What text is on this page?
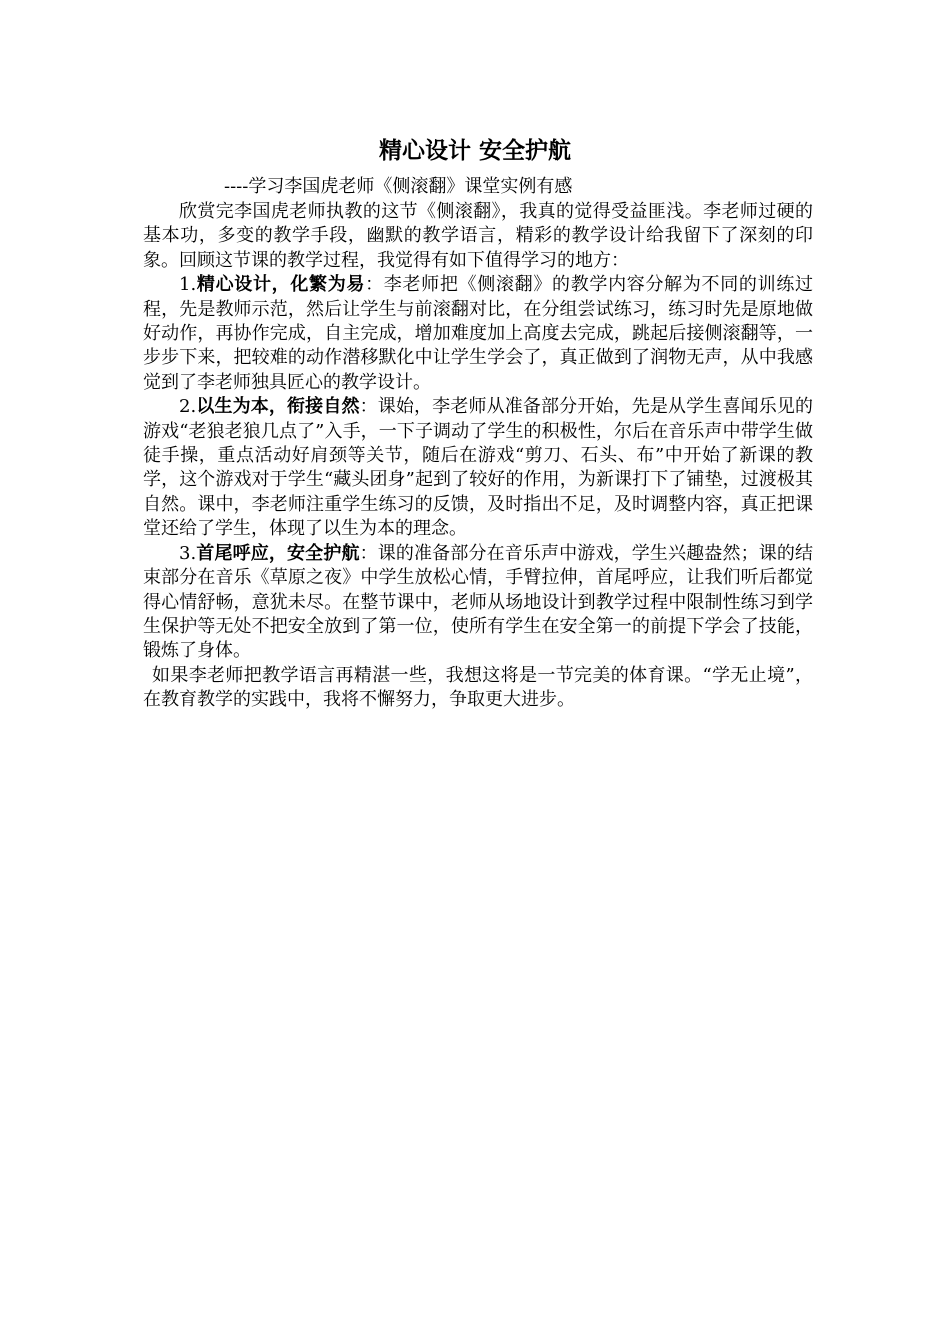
精心设计 安全护航
----学习李国虎老师《侧滚翻》课堂实例有感

欣赏完李国虎老师执教的这节《侧滚翻》，我真的觉得受益匪浅。李老师过硬的基本功，多变的教学手段，幽默的教学语言，精彩的教学设计给我留下了深刻的印象。回顾这节课的教学过程，我觉得有如下值得学习的地方：

1.精心设计，化繁为易：李老师把《侧滚翻》的教学内容分解为不同的训练过程，先是教师示范，然后让学生与前滚翻对比，在分组尝试练习，练习时先是原地做好动作，再协作完成，自主完成，增加难度加上高度去完成，跳起后接侧滚翻等，一步步下来，把较难的动作潜移默化中让学生学会了，真正做到了润物无声，从中我感觉到了李老师独具匠心的教学设计。

2.以生为本，衔接自然：课始，李老师从准备部分开始，先是从学生喜闻乐见的游戏“老狼老狼几点了”入手，一下子调动了学生的积极性，尔后在音乐声中带学生做徒手操，重点活动好肩颈等关节，随后在游戏“剪刀、石头、布”中开始了新课的教学，这个游戏对于学生“藏头团身”起到了较好的作用，为新课打下了铺垫，过渡极其自然。课中，李老师注重学生练习的反馈，及时指出不足，及时调整内容，真正把课堂还给了学生，体现了以生为本的理念。

3.首尾呼应，安全护航：课的准备部分在音乐声中游戏，学生兴趣盎然；课的结束部分在音乐《草原之夜》中学生放松心情，手臂拉伸，首尾呼应，让我们听后都觉得心情舒畅，意犹未尽。在整节课中，老师从场地设计到教学过程中限制性练习到学生保护等无处不把安全放到了第一位，使所有学生在安全第一的前提下学会了技能，锻炼了身体。

如果李老师把教学语言再精湛一些，我想这将是一节完美的体育课。“学无止境”，在教育教学的实践中，我将不懈努力，争取更大进步。
